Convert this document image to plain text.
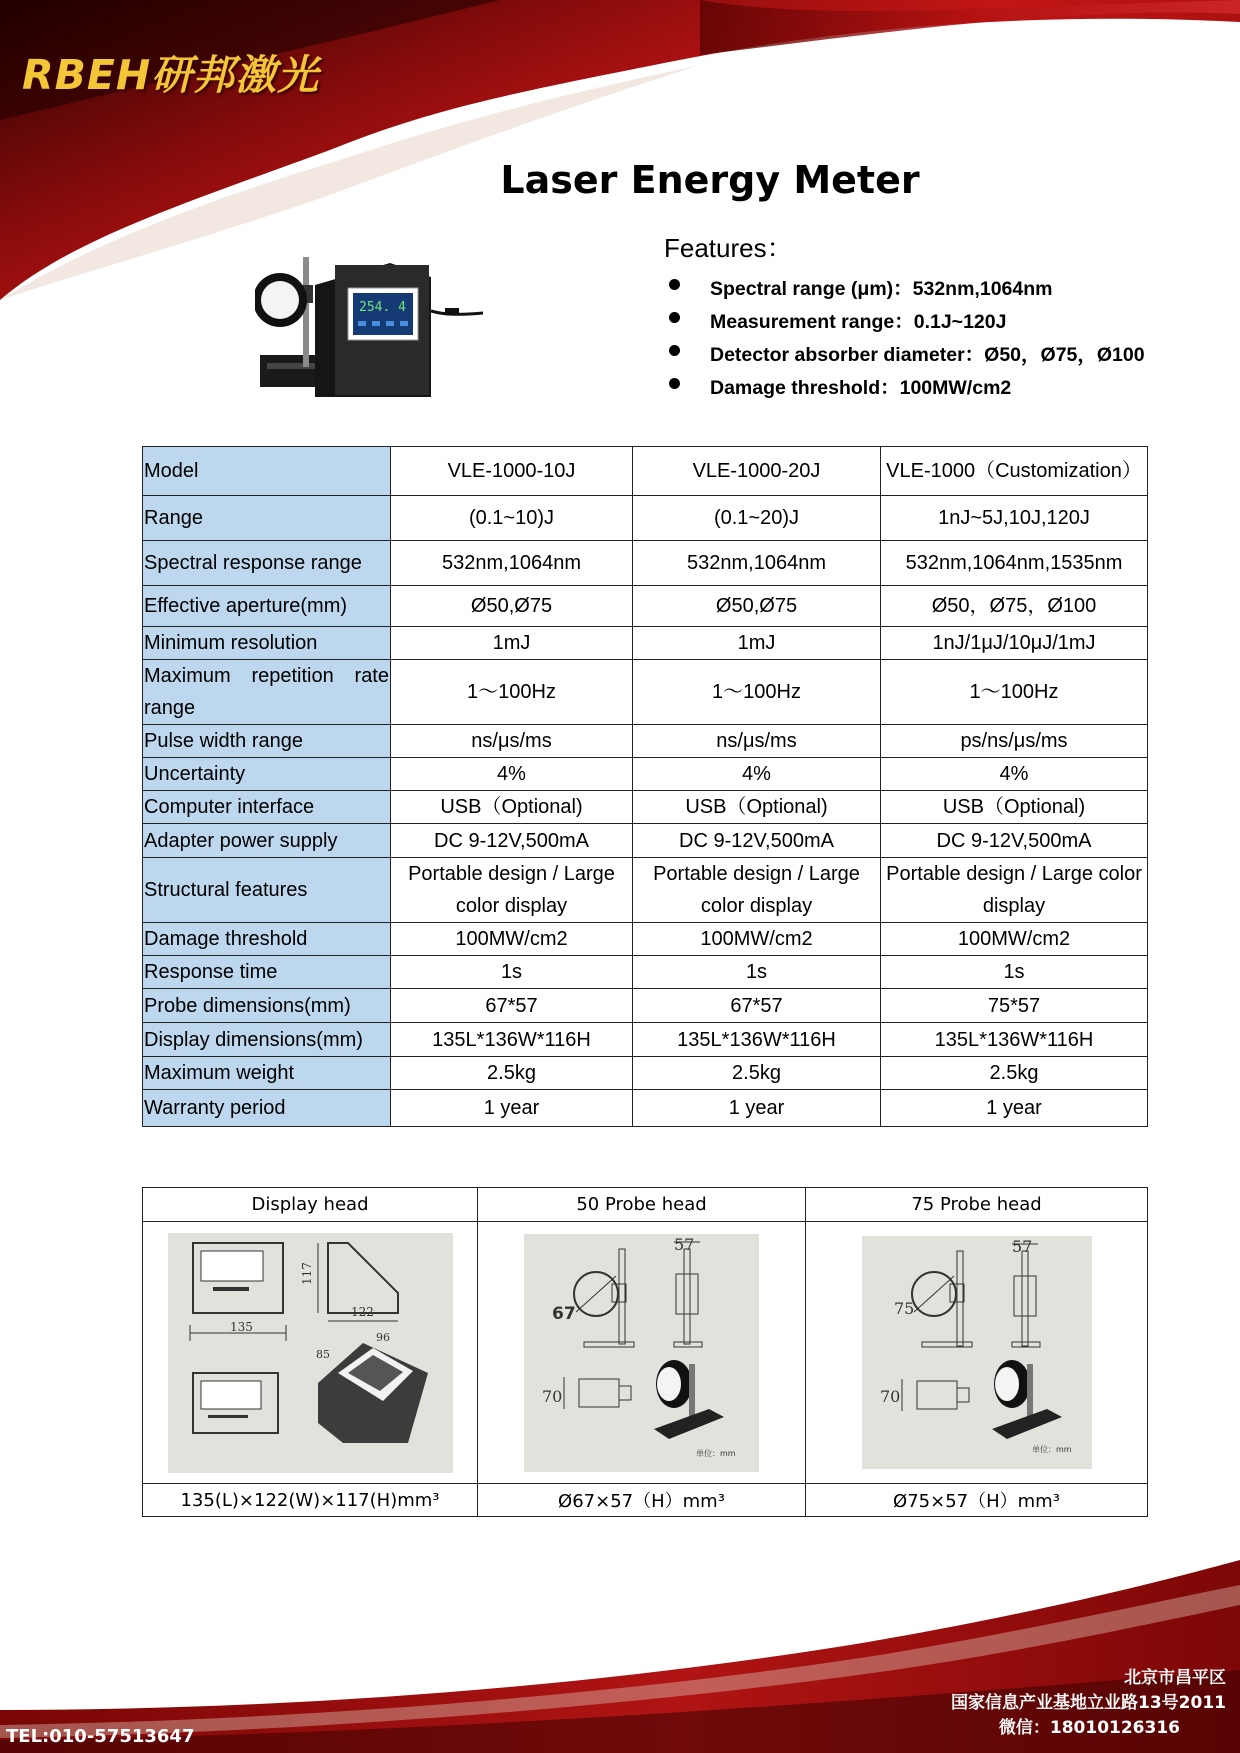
RBEH研邦激光
Laser Energy Meter
Features：
Spectral range (μm)：532nm,1064nm
Measurement range：0.1J~120J
Detector absorber diameter：Ø50，Ø75，Ø100
Damage threshold：100MW/cm2
254. 4
Model	VLE-1000-10J	VLE-1000-20J	VLE-1000（Customization）
Range	(0.1~10)J	(0.1~20)J	1nJ~5J,10J,120J
Spectral response range	532nm,1064nm	532nm,1064nm	532nm,1064nm,1535nm
Effective aperture(mm)	Ø50,Ø75	Ø50,Ø75	Ø50，Ø75，Ø100
Minimum resolution	1mJ	1mJ	1nJ/1μJ/10μJ/1mJ
Maximum repetition rate range	1～100Hz	1～100Hz	1～100Hz
Pulse width range	ns/μs/ms	ns/μs/ms	ps/ns/μs/ms
Uncertainty	4%	4%	4%
Computer interface	USB（Optional)	USB（Optional)	USB（Optional)
Adapter power supply	DC 9-12V,500mA	DC 9-12V,500mA	DC 9-12V,500mA
Structural features	Portable design / Large color display	Portable design / Large color display	Portable design / Large color display
Damage threshold	100MW/cm2	100MW/cm2	100MW/cm2
Response time	1s	1s	1s
Probe dimensions(mm)	67*57	67*57	75*57
Display dimensions(mm)	135L*136W*116H	135L*136W*116H	135L*136W*116H
Maximum weight	2.5kg	2.5kg	2.5kg
Warranty period	1 year	1 year	1 year
Display head	50 Probe head	75 Probe head

135
117
122
96
85	67
57
70
单位：mm	75
57
70
单位：mm

135(L)×122(W)×117(H)mm³	Ø67×57（H）mm³	Ø75×57（H）mm³
TEL:010-57513647
北京市昌平区
国家信息产业基地立业路13号2011
微信：18010126316
